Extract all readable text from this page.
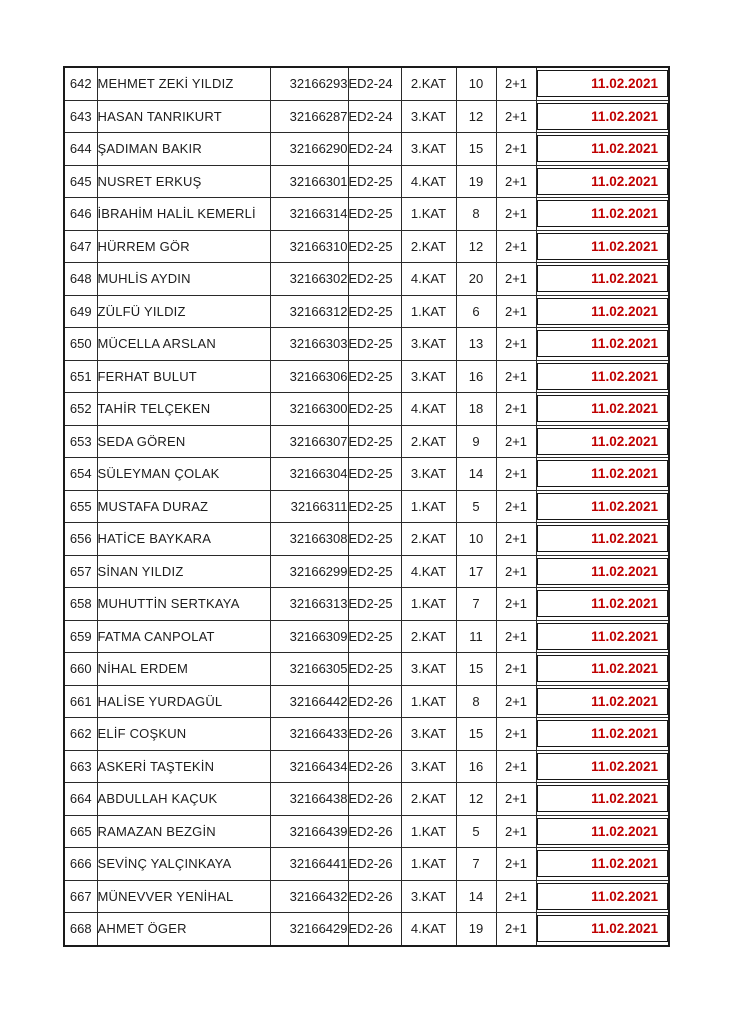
642	MEHMET ZEKİ YILDIZ	32166293	ED2-24	2.KAT	10	2+1	11.02.2021

643	HASAN TANRIKURT	32166287	ED2-24	3.KAT	12	2+1	11.02.2021

644	ŞADIMAN BAKIR	32166290	ED2-24	3.KAT	15	2+1	11.02.2021

645	NUSRET ERKUŞ	32166301	ED2-25	4.KAT	19	2+1	11.02.2021

646	İBRAHİM HALİL KEMERLİ	32166314	ED2-25	1.KAT	8	2+1	11.02.2021

647	HÜRREM GÖR	32166310	ED2-25	2.KAT	12	2+1	11.02.2021

648	MUHLİS AYDIN	32166302	ED2-25	4.KAT	20	2+1	11.02.2021

649	ZÜLFÜ YILDIZ	32166312	ED2-25	1.KAT	6	2+1	11.02.2021

650	MÜCELLA ARSLAN	32166303	ED2-25	3.KAT	13	2+1	11.02.2021

651	FERHAT BULUT	32166306	ED2-25	3.KAT	16	2+1	11.02.2021

652	TAHİR TELÇEKEN	32166300	ED2-25	4.KAT	18	2+1	11.02.2021

653	SEDA GÖREN	32166307	ED2-25	2.KAT	9	2+1	11.02.2021

654	SÜLEYMAN ÇOLAK	32166304	ED2-25	3.KAT	14	2+1	11.02.2021

655	MUSTAFA DURAZ	32166311	ED2-25	1.KAT	5	2+1	11.02.2021

656	HATİCE BAYKARA	32166308	ED2-25	2.KAT	10	2+1	11.02.2021

657	SİNAN YILDIZ	32166299	ED2-25	4.KAT	17	2+1	11.02.2021

658	MUHUTTİN SERTKAYA	32166313	ED2-25	1.KAT	7	2+1	11.02.2021

659	FATMA CANPOLAT	32166309	ED2-25	2.KAT	11	2+1	11.02.2021

660	NİHAL ERDEM	32166305	ED2-25	3.KAT	15	2+1	11.02.2021

661	HALİSE YURDAGÜL	32166442	ED2-26	1.KAT	8	2+1	11.02.2021

662	ELİF COŞKUN	32166433	ED2-26	3.KAT	15	2+1	11.02.2021

663	ASKERİ TAŞTEKİN	32166434	ED2-26	3.KAT	16	2+1	11.02.2021

664	ABDULLAH KAÇUK	32166438	ED2-26	2.KAT	12	2+1	11.02.2021

665	RAMAZAN BEZGİN	32166439	ED2-26	1.KAT	5	2+1	11.02.2021

666	SEVİNÇ YALÇINKAYA	32166441	ED2-26	1.KAT	7	2+1	11.02.2021

667	MÜNEVVER YENİHAL	32166432	ED2-26	3.KAT	14	2+1	11.02.2021

668	AHMET ÖGER	32166429	ED2-26	4.KAT	19	2+1	11.02.2021
